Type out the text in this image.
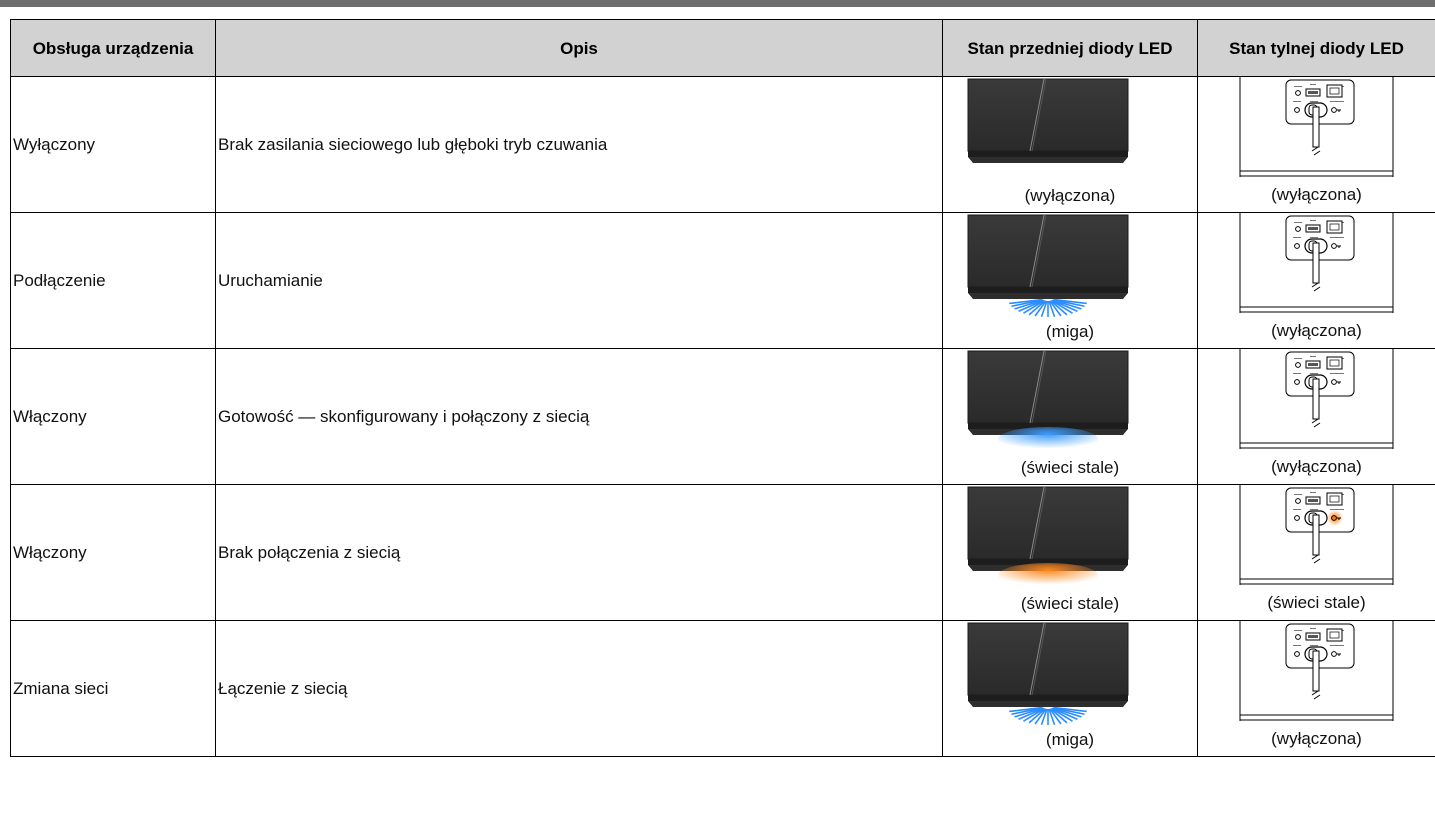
Obsługa urządzenia	Opis	Stan przedniej diody LED	Stan tylnej diody LED
Wyłączony	Brak zasilania sieciowego lub głęboki tryb czuwania	(wyłączona)	(wyłączona)

Podłączenie	Uruchamianie	(miga)	(wyłączona)

Włączony	Gotowość — skonfigurowany i połączony z siecią	(świeci stale)	(wyłączona)

Włączony	Brak połączenia z siecią	(świeci stale)	(świeci stale)

Zmiana sieci	Łączenie z siecią	(miga)	(wyłączona)
